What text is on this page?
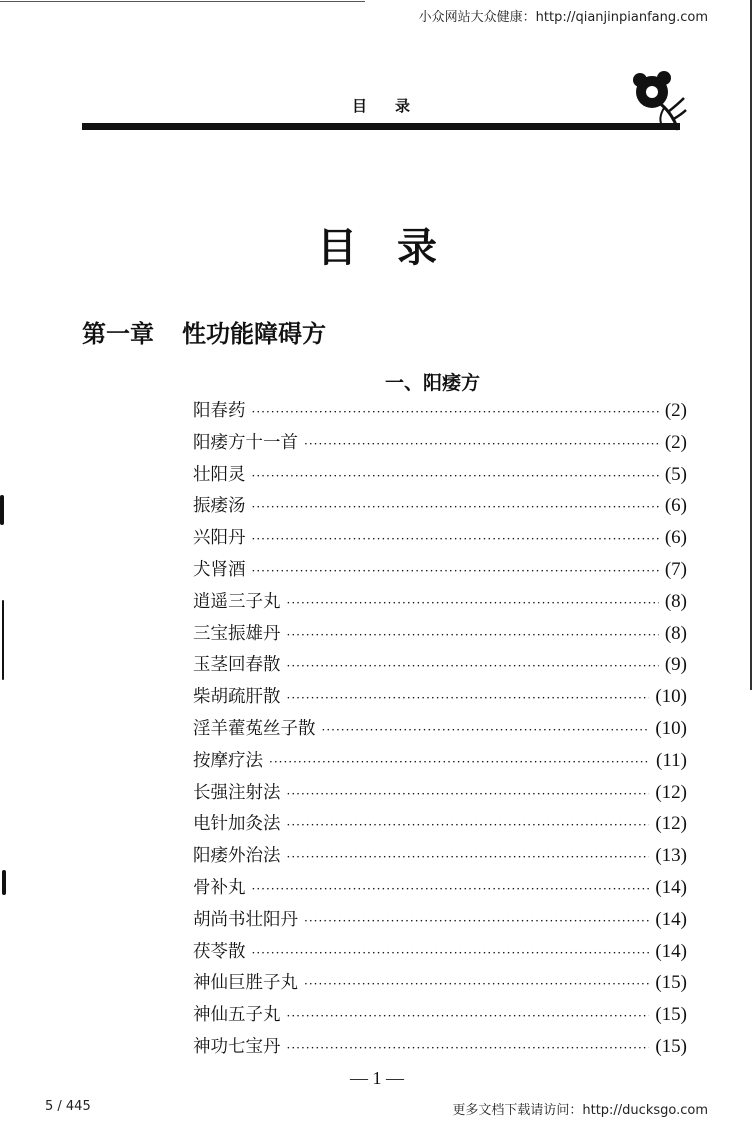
小众网站大众健康：http://qianjinpianfang.com
目录
目录
第一章 性功能障碍方
一、阳痿方
阳春药 ·····	(2)
阳痿方十一首 ·····	(2)
壮阳灵 ·····	(5)
振痿汤 ·····	(6)
兴阳丹 ·····	(6)
犬肾酒 ·····	(7)
逍遥三子丸 ·····	(8)
三宝振雄丹 ·····	(8)
玉茎回春散 ·····	(9)
柴胡疏肝散 ·····	(10)
淫羊藿菟丝子散 ·····	(10)
按摩疗法 ·····	(11)
长强注射法 ·····	(12)
电针加灸法 ·····	(12)
阳痿外治法 ·····	(13)
骨补丸 ·····	(14)
胡尚书壮阳丹 ·····	(14)
茯苓散 ·····	(14)
神仙巨胜子丸 ·····	(15)
神仙五子丸 ·····	(15)
神功七宝丹 ·····	(15)
— 1 —
5 / 445	更多文档下载请访问：http://ducksgo.com
